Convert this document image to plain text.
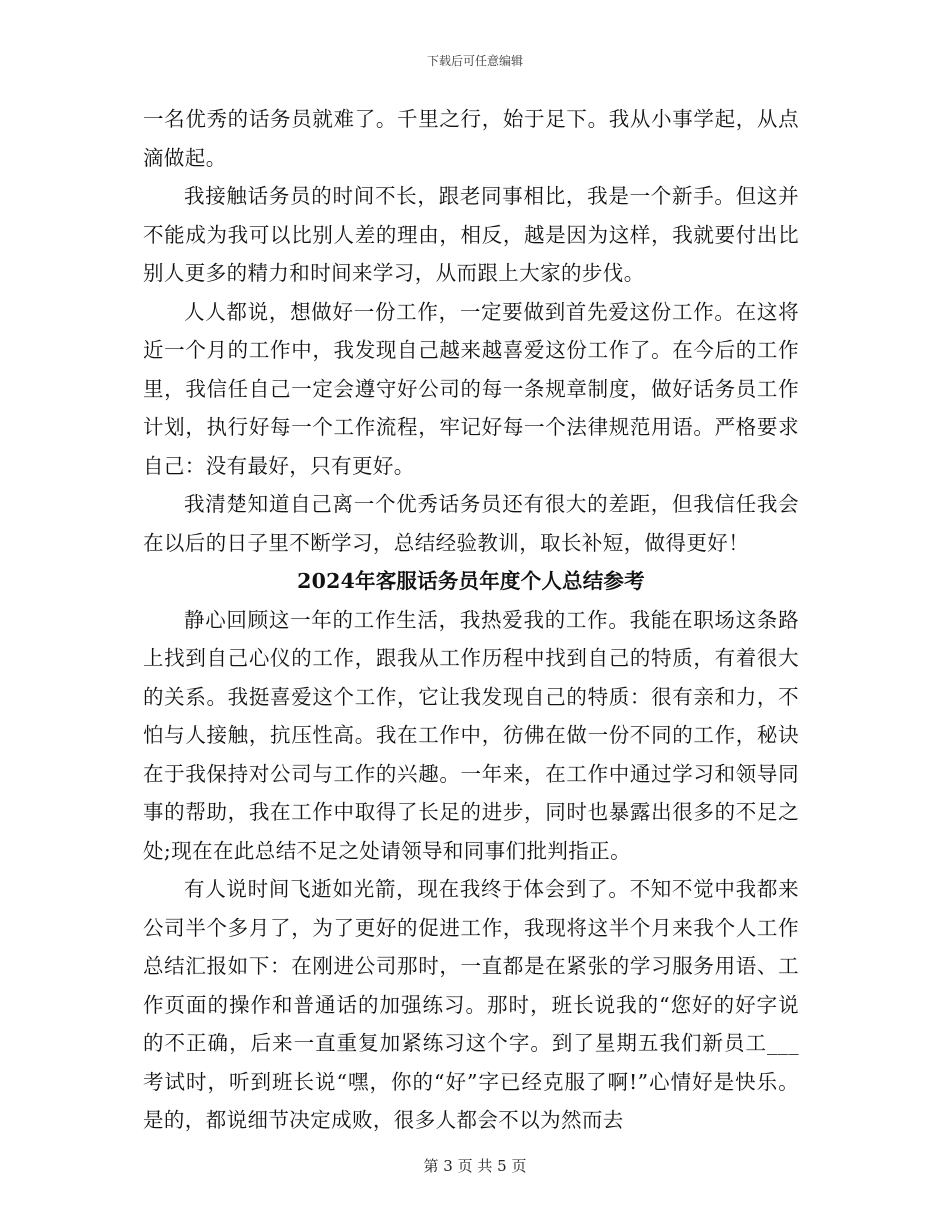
下载后可任意编辑

一名优秀的话务员就难了。千里之行，始于足下。我从小事学起，从点滴做起。

我接触话务员的时间不长，跟老同事相比，我是一个新手。但这并不能成为我可以比别人差的理由，相反，越是因为这样，我就要付出比别人更多的精力和时间来学习，从而跟上大家的步伐。

人人都说，想做好一份工作，一定要做到首先爱这份工作。在这将近一个月的工作中，我发现自己越来越喜爱这份工作了。在今后的工作里，我信任自己一定会遵守好公司的每一条规章制度，做好话务员工作计划，执行好每一个工作流程，牢记好每一个法律规范用语。严格要求自己：没有最好，只有更好。

我清楚知道自己离一个优秀话务员还有很大的差距，但我信任我会在以后的日子里不断学习，总结经验教训，取长补短，做得更好！

2024年客服话务员年度个人总结参考

静心回顾这一年的工作生活，我热爱我的工作。我能在职场这条路上找到自己心仪的工作，跟我从工作历程中找到自己的特质，有着很大的关系。我挺喜爱这个工作，它让我发现自己的特质：很有亲和力，不怕与人接触，抗压性高。我在工作中，彷佛在做一份不同的工作，秘诀在于我保持对公司与工作的兴趣。一年来，在工作中通过学习和领导同事的帮助，我在工作中取得了长足的进步，同时也暴露出很多的不足之处;现在在此总结不足之处请领导和同事们批判指正。

有人说时间飞逝如光箭，现在我终于体会到了。不知不觉中我都来公司半个多月了，为了更好的促进工作，我现将这半个月来我个人工作总结汇报如下：在刚进公司那时，一直都是在紧张的学习服务用语、工作页面的操作和普通话的加强练习。那时，班长说我的“您好的好字说的不正确，后来一直重复加紧练习这个字。到了星期五我们新员工___考试时，听到班长说“嘿，你的“好”字已经克服了啊!”心情好是快乐。是的，都说细节决定成败，很多人都会不以为然而去

第 3 页 共 5 页
